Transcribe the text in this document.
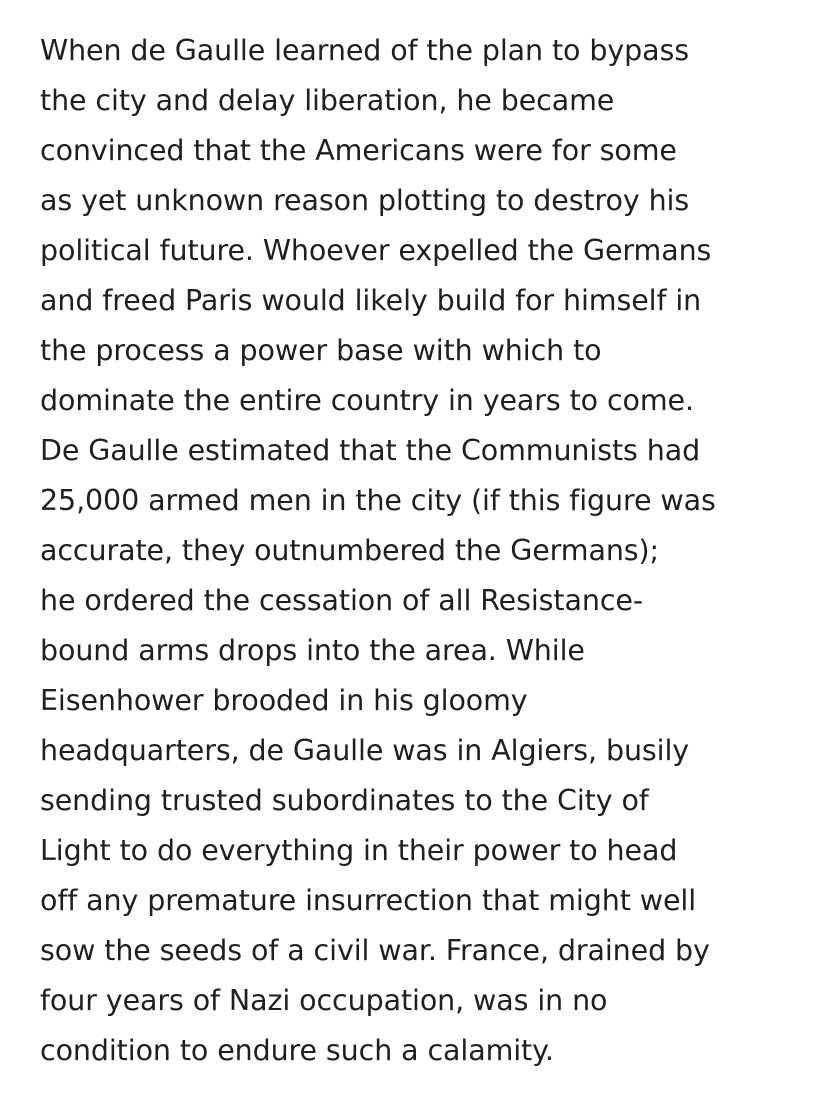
When de Gaulle learned of the plan to bypass
the city and delay liberation, he became
convinced that the Americans were for some
as yet unknown reason plotting to destroy his
political future. Whoever expelled the Germans
and freed Paris would likely build for himself in
the process a power base with which to
dominate the entire country in years to come.
De Gaulle estimated that the Communists had
25,000 armed men in the city (if this figure was
accurate, they outnumbered the Germans);
he ordered the cessation of all Resistance-
bound arms drops into the area. While
Eisenhower brooded in his gloomy
headquarters, de Gaulle was in Algiers, busily
sending trusted subordinates to the City of
Light to do everything in their power to head
off any premature insurrection that might well
sow the seeds of a civil war. France, drained by
four years of Nazi occupation, was in no
condition to endure such a calamity.
